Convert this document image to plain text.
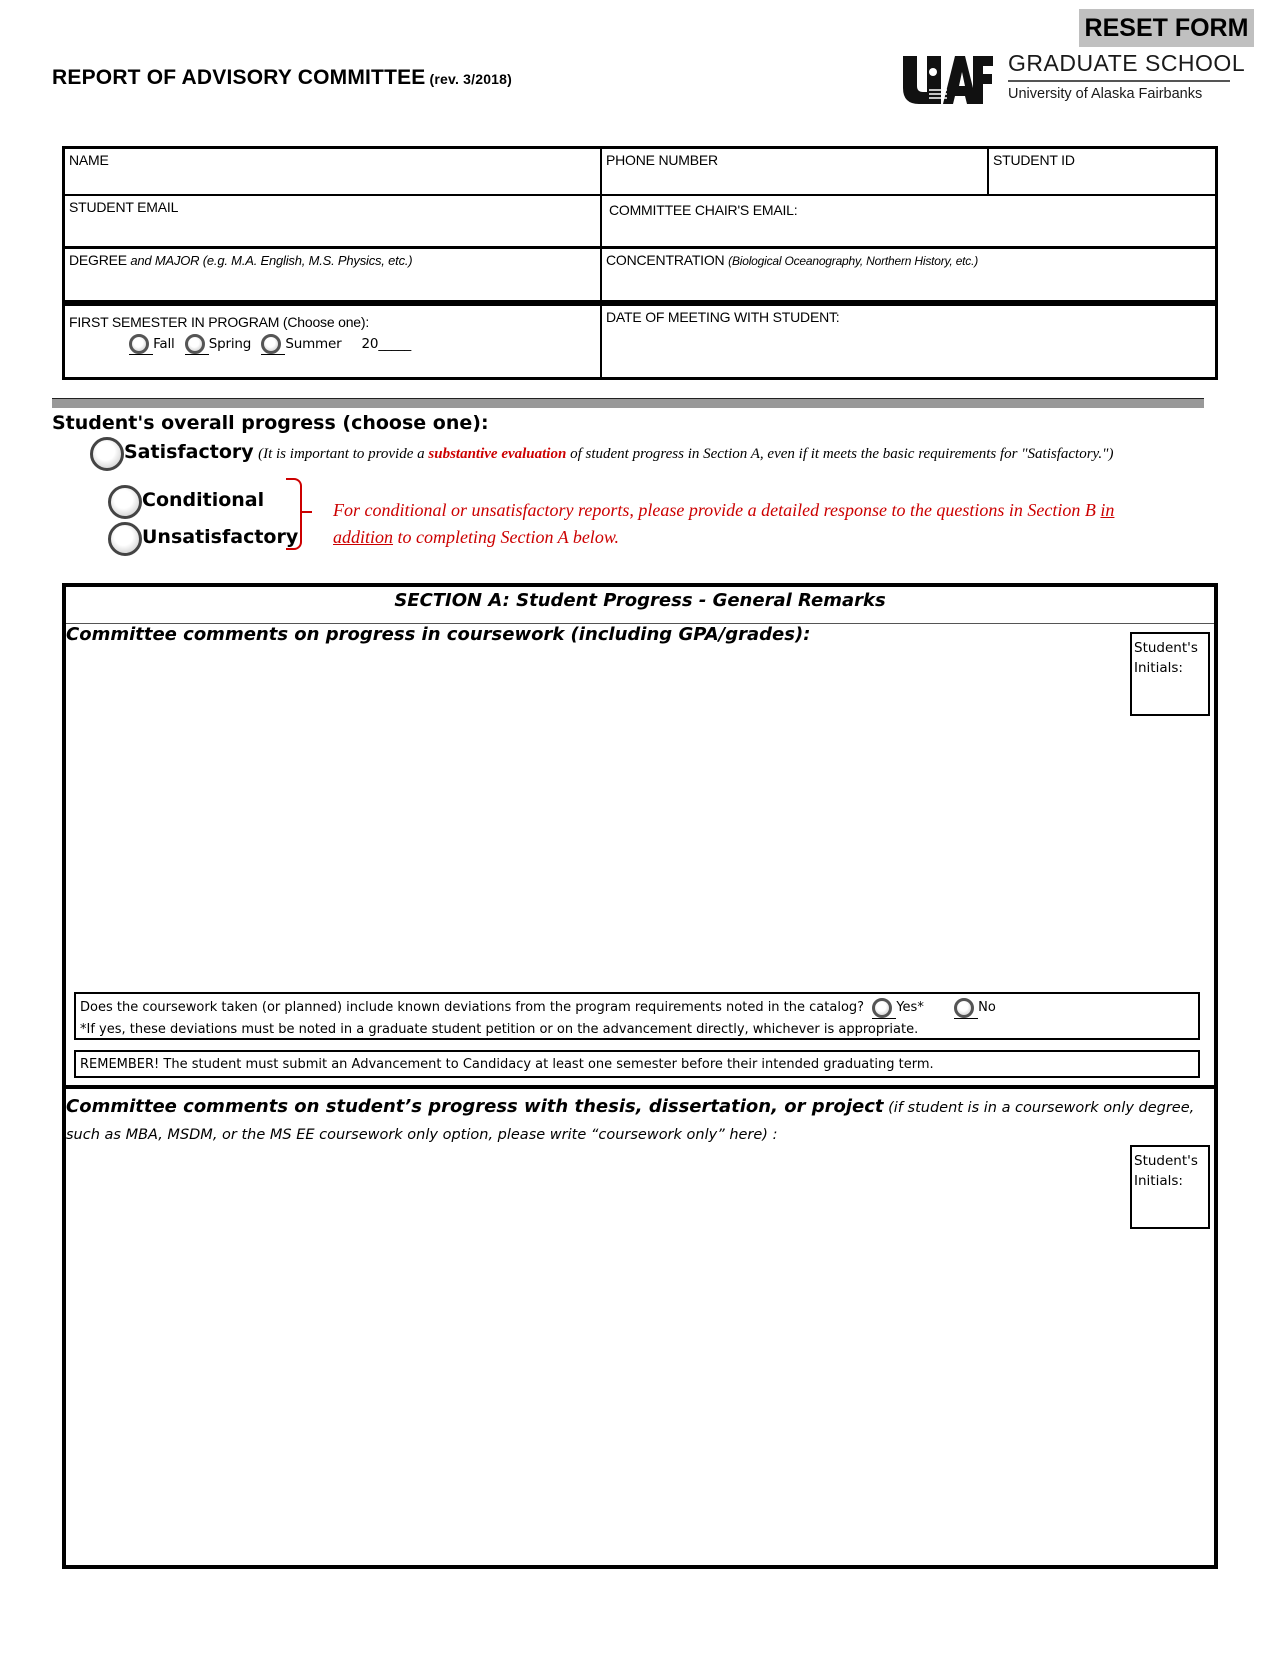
REPORT OF ADVISORY COMMITTEE (rev. 3/2018)
RESET FORM
GRADUATE SCHOOL
University of Alaska Fairbanks
NAME	PHONE NUMBER	STUDENT ID
STUDENT EMAIL	COMMITTEE CHAIR'S EMAIL:
DEGREE and MAJOR (e.g. M.A. English, M.S. Physics, etc.)	CONCENTRATION (Biological Oceanography, Northern History, etc.)
FIRST SEMESTER IN PROGRAM (Choose one):
Fall	Spring	Summer 20_____
DATE OF MEETING WITH STUDENT:
Student's overall progress (choose one):
Satisfactory (It is important to provide a substantive evaluation of student progress in Section A, even if it meets the basic requirements for "Satisfactory.")
Conditional
Unsatisfactory
For conditional or unsatisfactory reports, please provide a detailed response to the questions in Section B in addition to completing Section A below.
SECTION A: Student Progress - General Remarks
Committee comments on progress in coursework (including GPA/grades):
Student's
Initials:
Does the coursework taken (or planned) include known deviations from the program requirements noted in the catalog? Yes*	No
*If yes, these deviations must be noted in a graduate student petition or on the advancement directly, whichever is appropriate.
REMEMBER! The student must submit an Advancement to Candidacy at least one semester before their intended graduating term.
Committee comments on student’s progress with thesis, dissertation, or project (if student is in a coursework only degree, such as MBA, MSDM, or the MS EE coursework only option, please write “coursework only” here) :
Student's
Initials:
